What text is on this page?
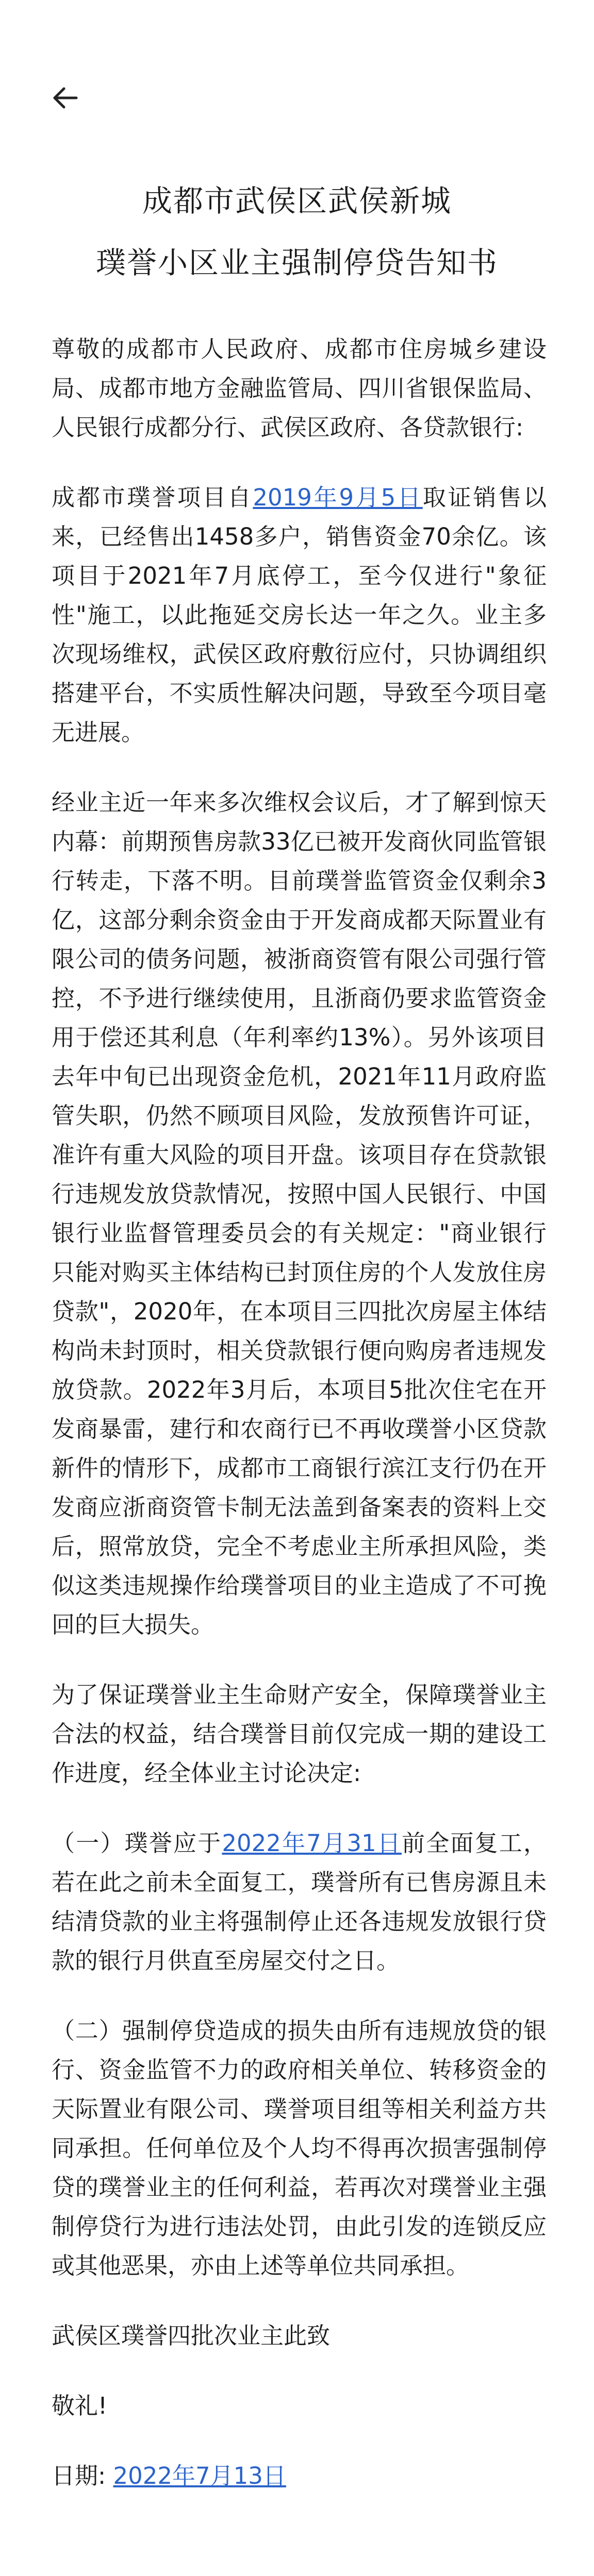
成都市武侯区武侯新城
璞誉小区业主强制停贷告知书

尊敬的成都市人民政府、成都市住房城乡建设局、成都市地方金融监管局、四川省银保监局、人民银行成都分行、武侯区政府、各贷款银行:

成都市璞誉项目自2019年9月5日取证销售以来，已经售出1458多户，销售资金70余亿。该项目于2021年7月底停工，至今仅进行"象征性"施工，以此拖延交房长达一年之久。业主多次现场维权，武侯区政府敷衍应付，只协调组织搭建平台，不实质性解决问题，导致至今项目毫无进展。

经业主近一年来多次维权会议后，才了解到惊天内幕：前期预售房款33亿已被开发商伙同监管银行转走，下落不明。目前璞誉监管资金仅剩余3亿，这部分剩余资金由于开发商成都天际置业有限公司的债务问题，被浙商资管有限公司强行管控，不予进行继续使用，且浙商仍要求监管资金用于偿还其利息（年利率约13%）。另外该项目去年中旬已出现资金危机，2021年11月政府监管失职，仍然不顾项目风险，发放预售许可证，准许有重大风险的项目开盘。该项目存在贷款银行违规发放贷款情况，按照中国人民银行、中国银行业监督管理委员会的有关规定："商业银行只能对购买主体结构已封顶住房的个人发放住房贷款"，2020年，在本项目三四批次房屋主体结构尚未封顶时，相关贷款银行便向购房者违规发放贷款。2022年3月后，本项目5批次住宅在开发商暴雷，建行和农商行已不再收璞誉小区贷款新件的情形下，成都市工商银行滨江支行仍在开发商应浙商资管卡制无法盖到备案表的资料上交后，照常放贷，完全不考虑业主所承担风险，类似这类违规操作给璞誉项目的业主造成了不可挽回的巨大损失。

为了保证璞誉业主生命财产安全，保障璞誉业主合法的权益，结合璞誉目前仅完成一期的建设工作进度，经全体业主讨论决定:

（一）璞誉应于2022年7月31日前全面复工，若在此之前未全面复工，璞誉所有已售房源且未结清贷款的业主将强制停止还各违规发放银行贷款的银行月供直至房屋交付之日。

（二）强制停贷造成的损失由所有违规放贷的银行、资金监管不力的政府相关单位、转移资金的天际置业有限公司、璞誉项目组等相关利益方共同承担。任何单位及个人均不得再次损害强制停贷的璞誉业主的任何利益，若再次对璞誉业主强制停贷行为进行违法处罚，由此引发的连锁反应或其他恶果，亦由上述等单位共同承担。

武侯区璞誉四批次业主此致

敬礼!

日期: 2022年7月13日
